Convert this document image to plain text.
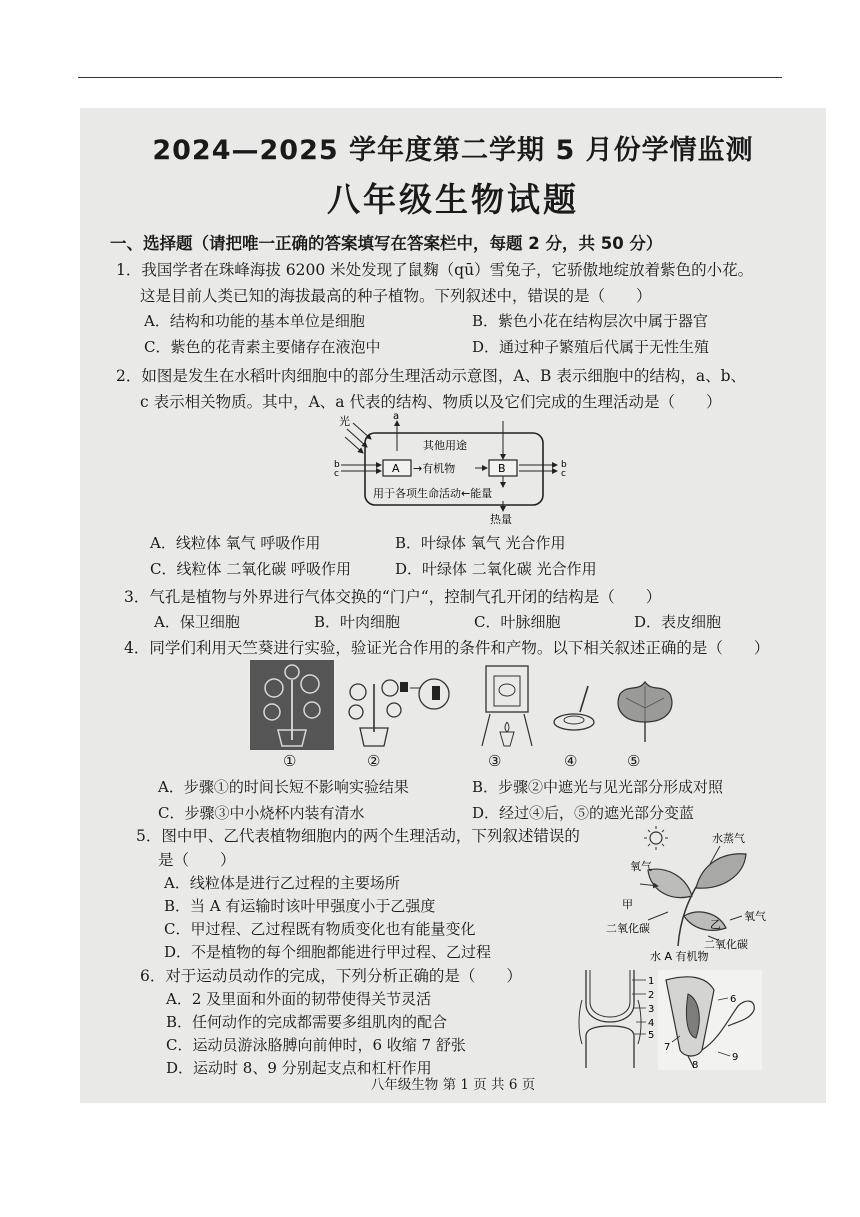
2024—2025 学年度第二学期 5 月份学情监测
八年级生物试题
一、选择题（请把唯一正确的答案填写在答案栏中，每题 2 分，共 50 分）
1．我国学者在珠峰海拔 6200 米处发现了鼠麴（qū）雪兔子，它骄傲地绽放着紫色的小花。
这是目前人类已知的海拔最高的种子植物。下列叙述中，错误的是（　　）
A．结构和功能的基本单位是细胞	B．紫色小花在结构层次中属于器官
C．紫色的花青素主要储存在液泡中	D．通过种子繁殖后代属于无性生殖
2．如图是发生在水稻叶肉细胞中的部分生理活动示意图，A、B 表示细胞中的结构，a、b、
c 表示相关物质。其中，A、a 代表的结构、物质以及它们完成的生理活动是（　　）
光	a
其他用途
b
c	A →有机物	B	b
c
用于各项生命活动←能量
热量
A．线粒体 氧气 呼吸作用	B．叶绿体 氧气 光合作用
C．线粒体 二氧化碳 呼吸作用	D．叶绿体 二氧化碳 光合作用
3．气孔是植物与外界进行气体交换的“门户“，控制气孔开闭的结构是（　　）
A．保卫细胞	B．叶肉细胞	C．叶脉细胞	D．表皮细胞
4．同学们利用天竺葵进行实验，验证光合作用的条件和产物。以下相关叙述正确的是（　　）
①	②	③	④	⑤
A．步骤①的时间长短不影响实验结果	B．步骤②中遮光与见光部分形成对照
C．步骤③中小烧杯内装有清水	D．经过④后，⑤的遮光部分变蓝
5．图中甲、乙代表植物细胞内的两个生理活动，下列叙述错误的
是（　　）
A．线粒体是进行乙过程的主要场所
B．当 A 有运输时该叶甲强度小于乙强度
C．甲过程、乙过程既有物质变化也有能量变化
D．不是植物的每个细胞都能进行甲过程、乙过程
氧气
水蒸气
甲
氧气
二氧化碳	乙
二氧化碳
水 A 有机物
6．对于运动员动作的完成，下列分析正确的是（　　）
A．2 及里面和外面的韧带使得关节灵活
B．任何动作的完成都需要多组肌肉的配合
C．运动员游泳胳膊向前伸时，6 收缩 7 舒张
D．运动时 8、9 分别起支点和杠杆作用
1
2
3
4
5
6
7
8
9
八年级生物 第 1 页 共 6 页
